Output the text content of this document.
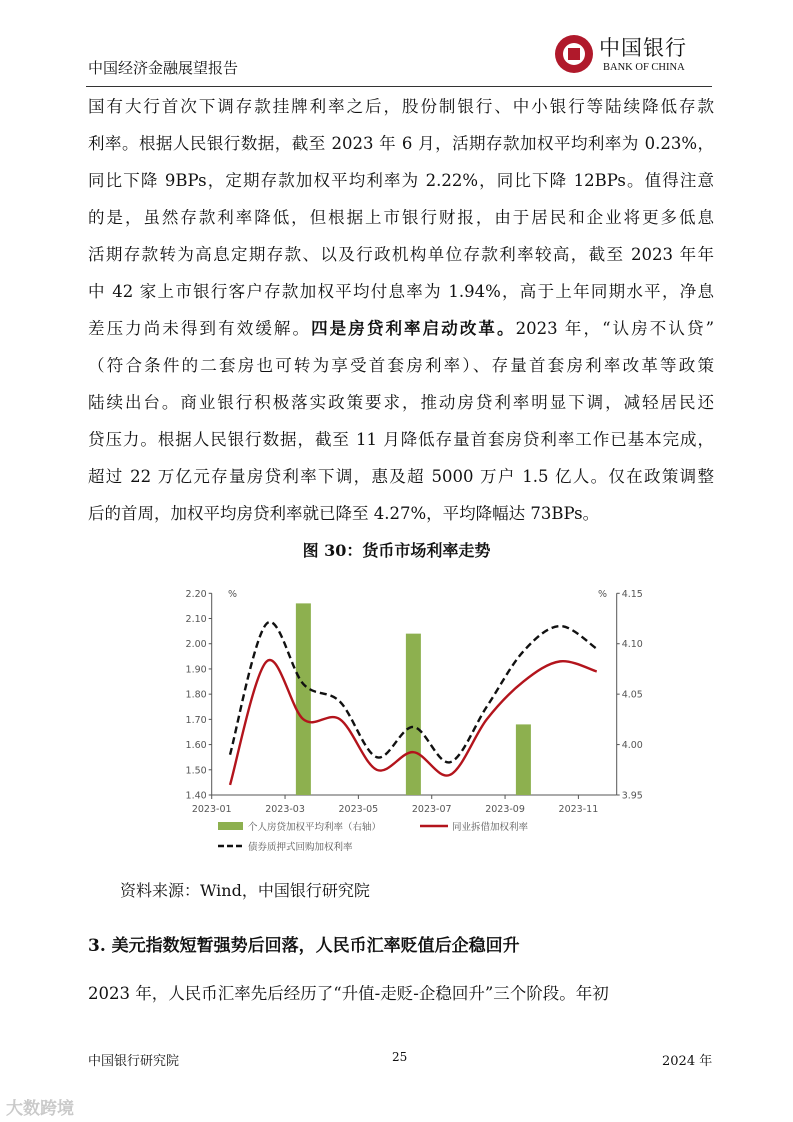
中国经济金融展望报告
中国银行
BANK OF CHINA
国有大行首次下调存款挂牌利率之后，股份制银行、中小银行等陆续降低存款
利率。根据人民银行数据，截至 2023 年 6 月，活期存款加权平均利率为 0.23%，
同比下降 9BPs，定期存款加权平均利率为 2.22%，同比下降 12BPs。值得注意
的是，虽然存款利率降低，但根据上市银行财报，由于居民和企业将更多低息
活期存款转为高息定期存款、以及行政机构单位存款利率较高，截至 2023 年年
中 42 家上市银行客户存款加权平均付息率为 1.94%，高于上年同期水平，净息
差压力尚未得到有效缓解。四是房贷利率启动改革。2023 年，“认房不认贷”
（符合条件的二套房也可转为享受首套房利率）、存量首套房利率改革等政策
陆续出台。商业银行积极落实政策要求，推动房贷利率明显下调，减轻居民还
贷压力。根据人民银行数据，截至 11 月降低存量首套房贷利率工作已基本完成，
超过 22 万亿元存量房贷利率下调，惠及超 5000 万户 1.5 亿人。仅在政策调整
后的首周，加权平均房贷利率就已降至 4.27%，平均降幅达 73BPs。
图 30：货币市场利率走势
1.40
1.50
1.60
1.70
1.80
1.90
2.00
2.10
2.20
3.95
4.00
4.05
4.10
4.15
%	%
2023-01	2023-03	2023-05	2023-07	2023-09	2023-11
个人房贷加权平均利率（右轴）	同业拆借加权利率
债券质押式回购加权利率
资料来源：Wind，中国银行研究院
3. 美元指数短暂强势后回落，人民币汇率贬值后企稳回升
2023 年，人民币汇率先后经历了“升值-走贬-企稳回升”三个阶段。年初
中国银行研究院	25	2024 年
大数跨境
